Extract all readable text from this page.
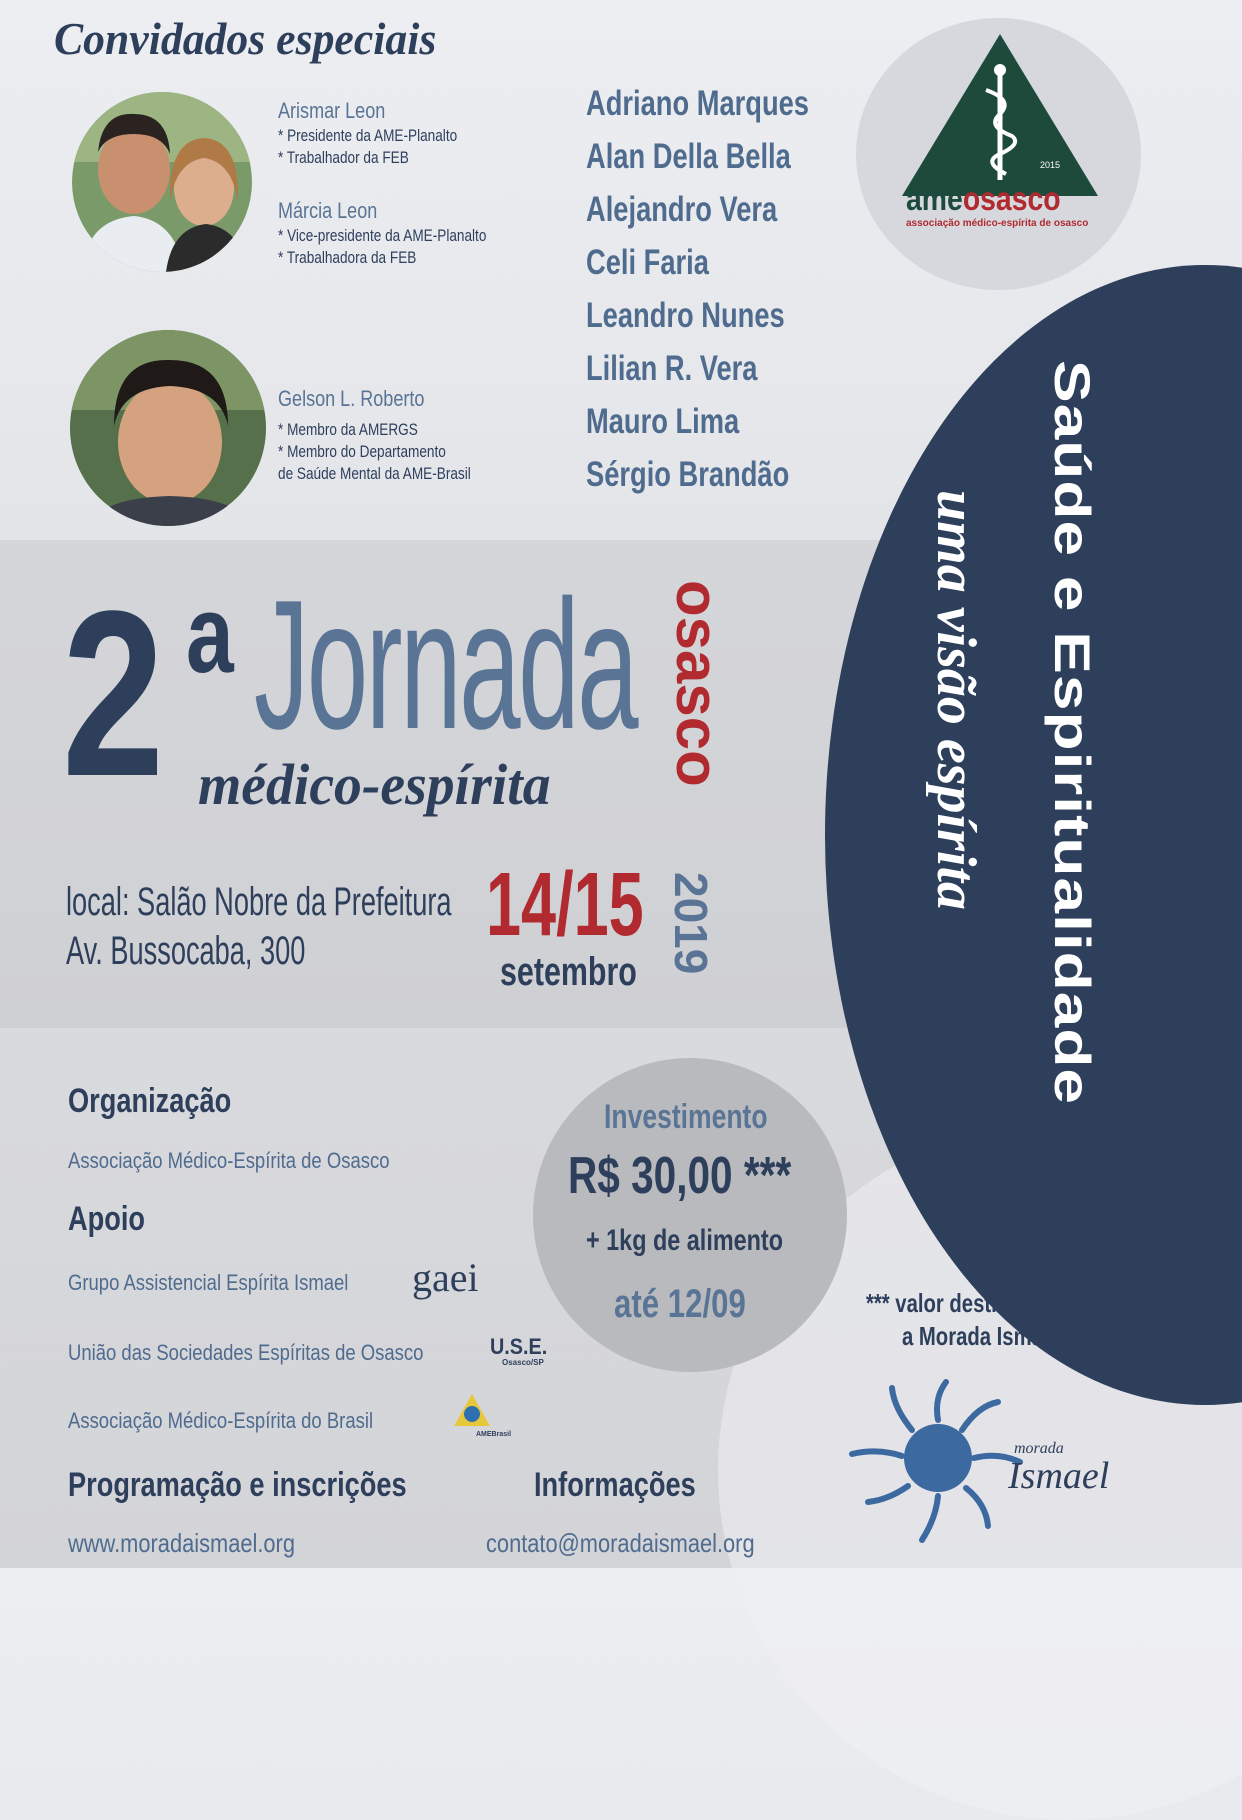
Convidados especiais
Arismar Leon
* Presidente da AME-Planalto
* Trabalhador da FEB
Márcia Leon
* Vice-presidente da AME-Planalto
* Trabalhadora da FEB
Gelson L. Roberto
* Membro da AMERGS
* Membro do Departamento
de Saúde Mental da AME-Brasil
Adriano Marques
Alan Della Bella
Alejandro Vera
Celi Faria
Leandro Nunes
Lilian R. Vera
Mauro Lima
Sérgio Brandão
2015
ameosasco
associação médico-espírita de osasco
2 a Jornada
médico-espírita osasco
local: Salão Nobre da Prefeitura
Av. Bussocaba, 300	14/15
setembro 2019	Saúde e Espiritualidade
uma visão espírita
Organização
Associação Médico-Espírita de Osasco
Apoio
Grupo Assistencial Espírita Ismael gaei
União das Sociedades Espíritas de Osasco	U.S.E.
Osasco/SP
Associação Médico-Espírita do Brasil
AMEBrasil
Investimento
R$ 30,00 ***
+ 1kg de alimento
até 12/09	*** valor destinado
a Morada Ismael
morada
Ismael
Programação e inscrições
www.moradaismael.org
Informações
contato@moradaismael.org
